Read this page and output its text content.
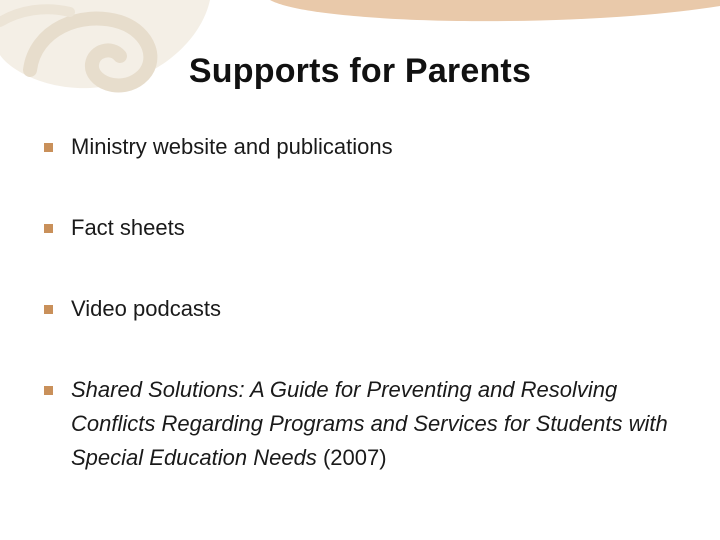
Supports for Parents
Ministry website and publications
Fact sheets
Video podcasts
Shared Solutions: A Guide for Preventing and Resolving Conflicts Regarding Programs and Services for Students with Special Education Needs (2007)
